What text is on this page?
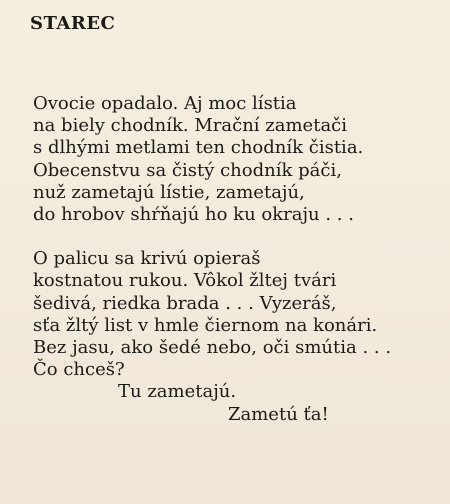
STAREC
Ovocie opadalo. Aj moc lístia
na biely chodník. Mrační zametači
s dlhými metlami ten chodník čistia.
Obecenstvu sa čistý chodník páči,
nuž zametajú lístie, zametajú,
do hrobov shŕňajú ho ku okraju . . .
O palicu sa krivú opieraš
kostnatou rukou. Vôkol žltej tvári
šedivá, riedka brada . . . Vyzeráš,
sťa žltý list v hmle čiernom na konári.
Bez jasu, ako šedé nebo, oči smútia . . .
Čo chceš?
Tu zametajú.
Zametú ťa!
